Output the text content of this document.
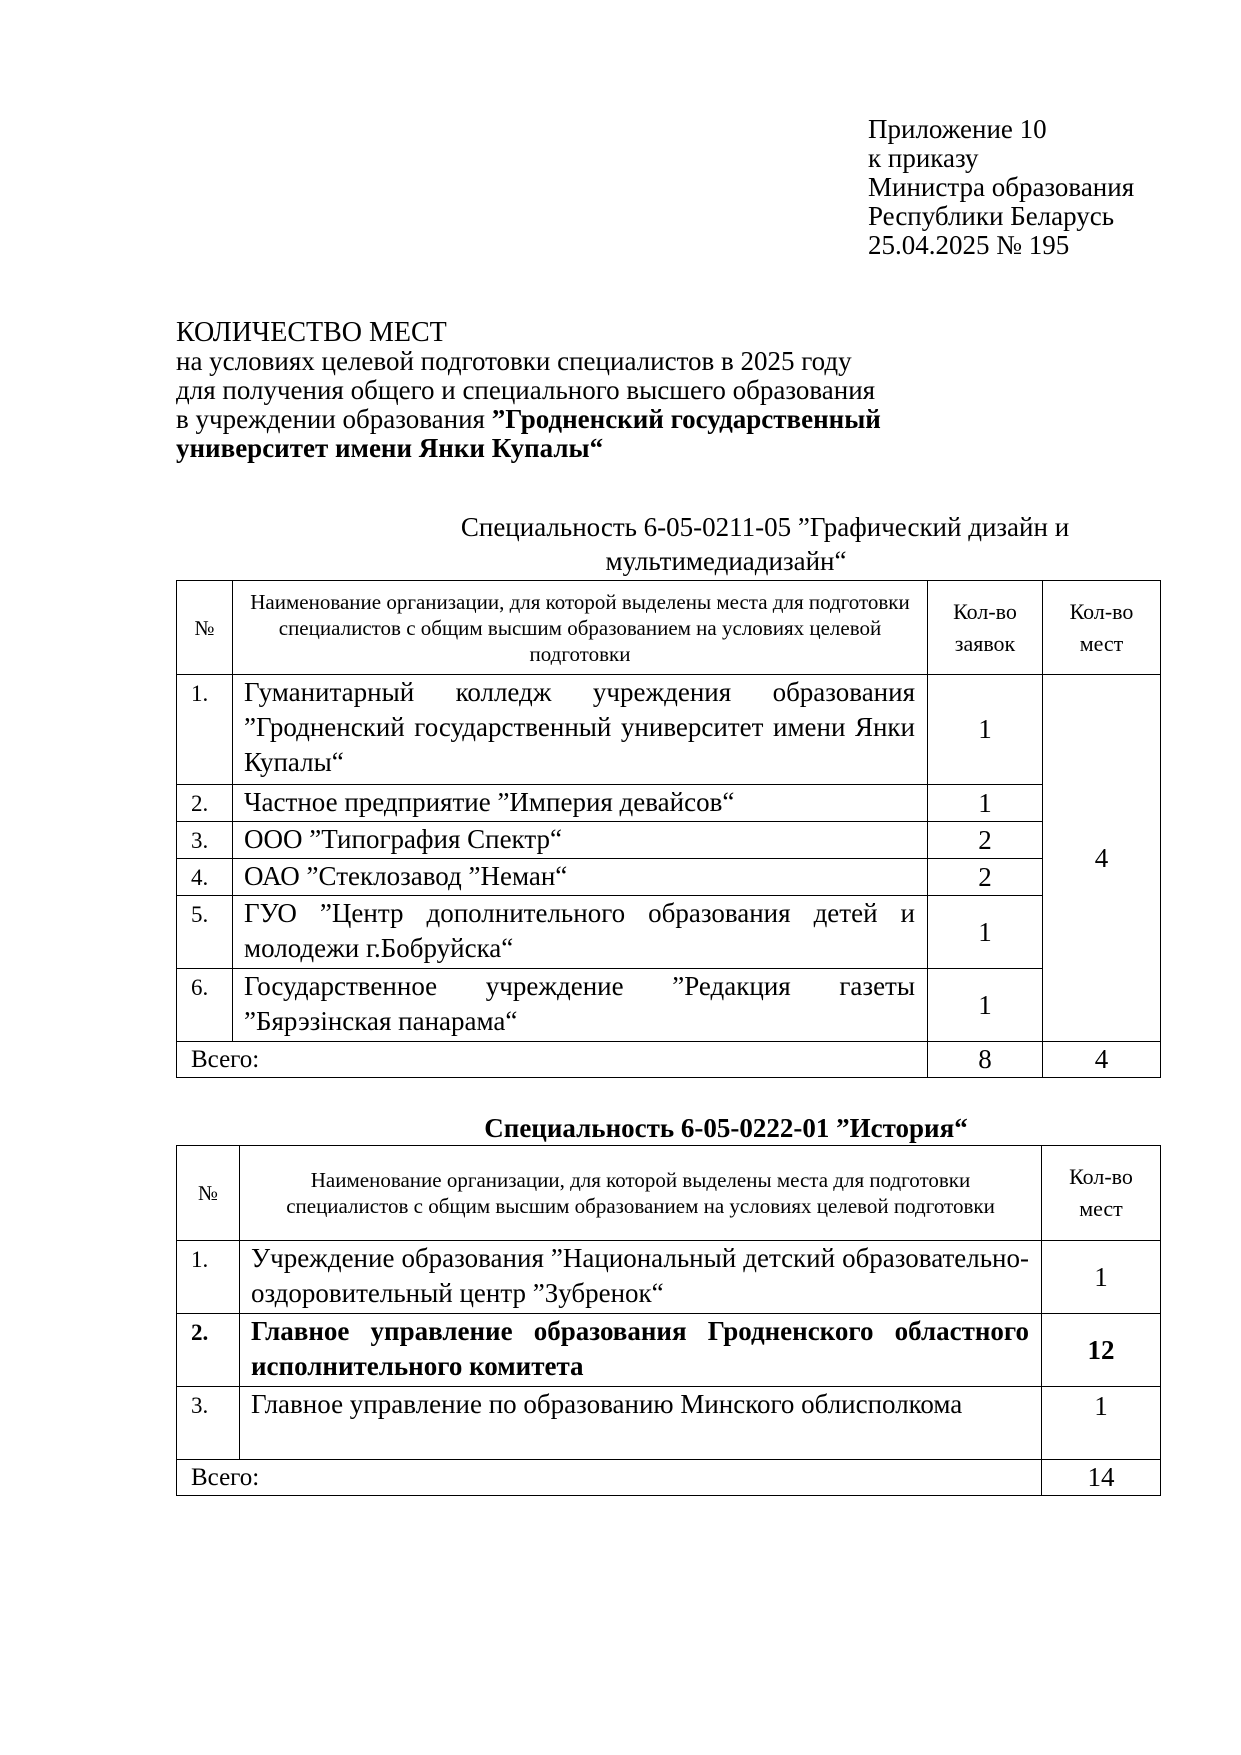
Приложение 10
к приказу
Министра образования
Республики Беларусь
25.04.2025 № 195
КОЛИЧЕСТВО МЕСТ
на условиях целевой подготовки специалистов в 2025 году
для получения общего и специального высшего образования
в учреждении образования ”Гродненский государственный
университет имени Янки Купалы“
Специальность 6-05-0211-05 ”Графический дизайн и
мультимедиадизайн“
№	Наименование организации, для которой выделены места для подготовки специалистов с общим высшим образованием на условиях целевой подготовки	Кол-во заявок	Кол-во мест
1.	Гуманитарный колледж учреждения образования ”Гродненский государственный университет имени Янки Купалы“	1	4
2.	Частное предприятие ”Империя девайсов“	1	
3.	ООО ”Типография Спектр“	2	
4.	ОАО ”Стеклозавод ”Неман“	2	
5.	ГУО ”Центр дополнительного образования детей и молодежи г.Бобруйска“	1	
6.	Государственное учреждение ”Редакция газеты ”Бярэзінская панарама“	1	
Всего:		8	4
Специальность 6-05-0222-01 ”История“
№	Наименование организации, для которой выделены места для подготовки специалистов с общим высшим образованием на условиях целевой подготовки	Кол-во мест
1.	Учреждение образования ”Национальный детский образовательно-оздоровительный центр ”Зубренок“	1
2.	Главное управление образования Гродненского областного исполнительного комитета	12
3.	Главное управление по образованию Минского облисполкома	1
Всего:		14
